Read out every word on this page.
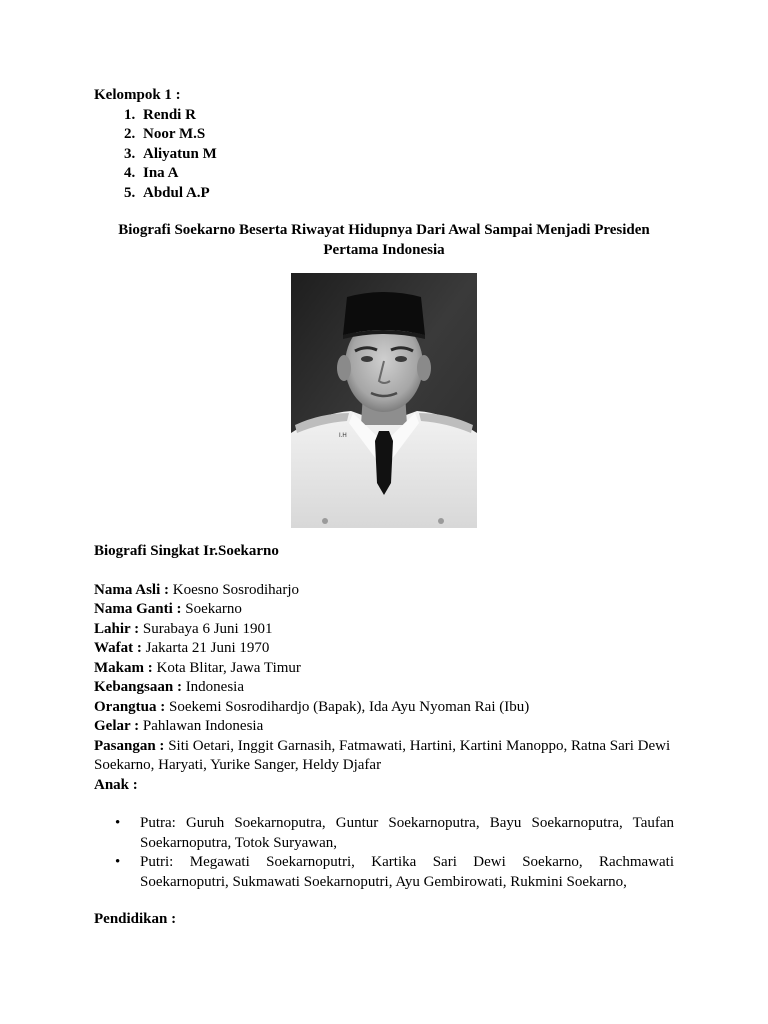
Kelompok 1 :

1. Rendi R
2. Noor M.S
3. Aliyatun M
4. Ina A
5. Abdul A.P

Biografi Soekarno Beserta Riwayat Hidupnya Dari Awal Sampai Menjadi Presiden Pertama Indonesia

I.H

Biografi Singkat Ir.Soekarno

Nama Asli : Koesno Sosrodiharjo
Nama Ganti : Soekarno
Lahir : Surabaya 6 Juni 1901
Wafat : Jakarta 21 Juni 1970
Makam : Kota Blitar, Jawa Timur
Kebangsaan : Indonesia
Orangtua : Soekemi Sosrodihardjo (Bapak), Ida Ayu Nyoman Rai (Ibu)
Gelar : Pahlawan Indonesia
Pasangan : Siti Oetari, Inggit Garnasih, Fatmawati, Hartini, Kartini Manoppo, Ratna Sari Dewi Soekarno, Haryati, Yurike Sanger, Heldy Djafar
Anak :
• Putra: Guruh Soekarnoputra, Guntur Soekarnoputra, Bayu Soekarnoputra, Taufan Soekarnoputra, Totok Suryawan,
• Putri: Megawati Soekarnoputri, Kartika Sari Dewi Soekarno, Rachmawati Soekarnoputri, Sukmawati Soekarnoputri, Ayu Gembirowati, Rukmini Soekarno,

Pendidikan :
